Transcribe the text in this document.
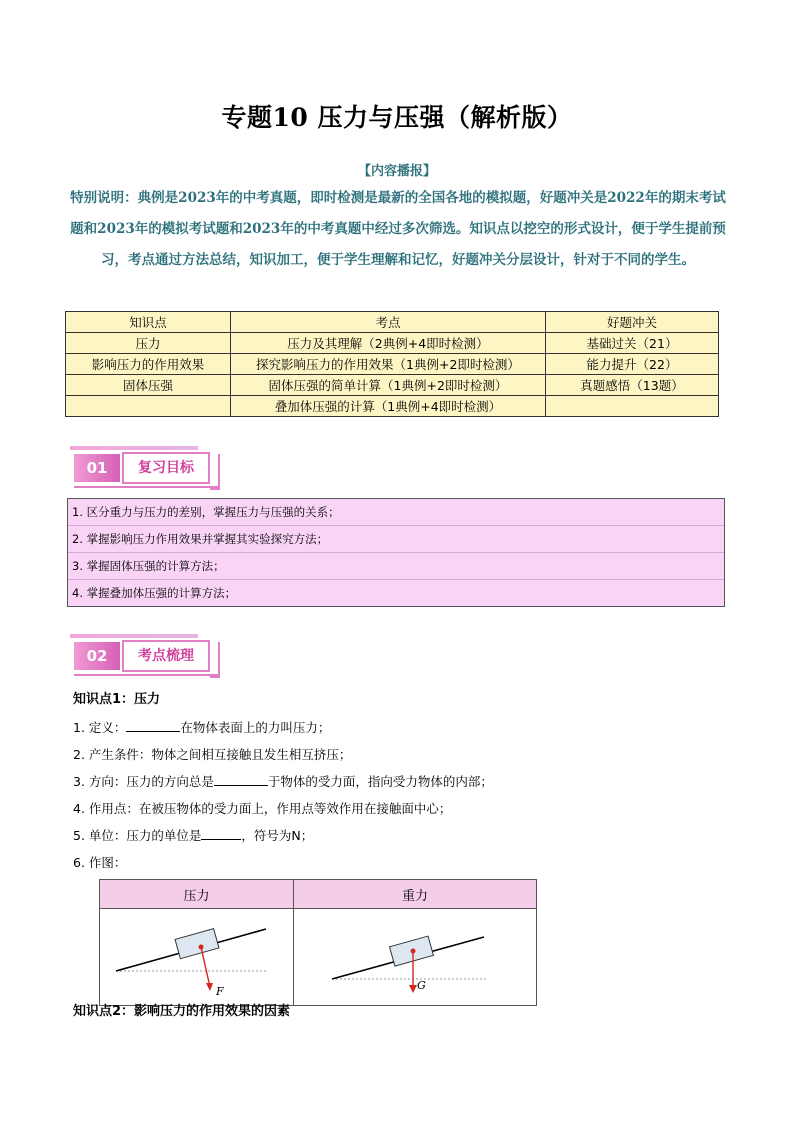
专题10 压力与压强（解析版）
【内容播报】
特别说明：典例是2023年的中考真题，即时检测是最新的全国各地的模拟题，好题冲关是2022年的期末考试题和2023年的模拟考试题和2023年的中考真题中经过多次筛选。知识点以挖空的形式设计，便于学生提前预习，考点通过方法总结，知识加工，便于学生理解和记忆，好题冲关分层设计，针对于不同的学生。
知识点	考点	好题冲关
压力	压力及其理解（2典例+4即时检测）	基础过关（21）
影响压力的作用效果	探究影响压力的作用效果（1典例+2即时检测）	能力提升（22）
固体压强	固体压强的简单计算（1典例+2即时检测）	真题感悟（13题）
	叠加体压强的计算（1典例+4即时检测）	
01	复习目标
1. 区分重力与压力的差别，掌握压力与压强的关系；
2. 掌握影响压力作用效果并掌握其实验探究方法；
3. 掌握固体压强的计算方法；
4. 掌握叠加体压强的计算方法；
02	考点梳理
知识点1：压力
1. 定义：	在物体表面上的力叫压力；
2. 产生条件：物体之间相互接触且发生相互挤压；
3. 方向：压力的方向总是	于物体的受力面，指向受力物体的内部；
4. 作用点：在被压物体的受力面上，作用点等效作用在接触面中心；
5. 单位：压力的单位是	，符号为N；
6. 作图：
压力	重力

F	G
知识点2：影响压力的作用效果的因素
